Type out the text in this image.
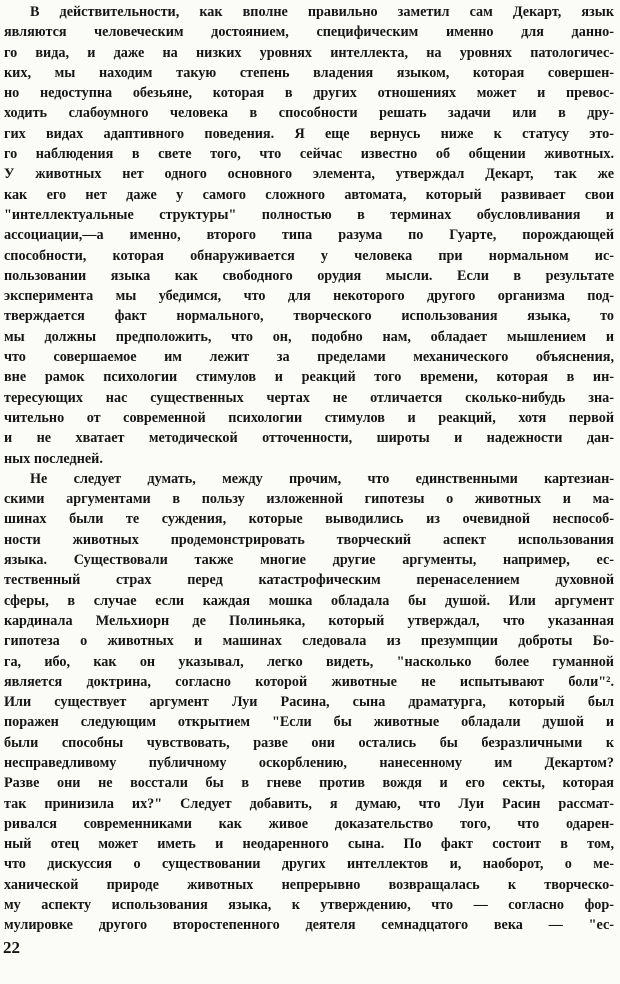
В действительности, как вполне правильно заметил сам Декарт, язык
являются человеческим достоянием, специфическим именно для данно-
го вида, и даже на низких уровнях интеллекта, на уровнях патологичес-
ких, мы находим такую степень владения языком, которая совершен-
но недоступна обезьяне, которая в других отношениях может и превос-
ходить слабоумного человека в способности решать задачи или в дру-
гих видах адаптивного поведения. Я еще вернусь ниже к статусу это-
го наблюдения в свете того, что сейчас известно об общении животных.
У животных нет одного основного элемента, утверждал Декарт, так же
как его нет даже у самого сложного автомата, который развивает свои
"интеллектуальные структуры" полностью в терминах обусловливания и
ассоциации,—а именно, второго типа разума по Гуарте, порождающей
способности, которая обнаруживается у человека при нормальном ис-
пользовании языка как свободного орудия мысли. Если в результате
эксперимента мы убедимся, что для некоторого другого организма под-
тверждается факт нормального, творческого использования языка, то
мы должны предположить, что он, подобно нам, обладает мышлением и
что совершаемое им лежит за пределами механического объяснения,
вне рамок психологии стимулов и реакций того времени, которая в ин-
тересующих нас существенных чертах не отличается сколько-нибудь зна-
чительно от современной психологии стимулов и реакций, хотя первой
и не хватает методической отточенности, широты и надежности дан-
ных последней.
Не следует думать, между прочим, что единственными картезиан-
скими аргументами в пользу изложенной гипотезы о животных и ма-
шинах были те суждения, которые выводились из очевидной неспособ-
ности животных продемонстрировать творческий аспект использования
языка. Существовали также многие другие аргументы, например, ес-
тественный страх перед катастрофическим перенаселением духовной
сферы, в случае если каждая мошка обладала бы душой. Или аргумент
кардинала Мельхиорн де Полиньяка, который утверждал, что указанная
гипотеза о животных и машинах следовала из презумпции доброты Бо-
га, ибо, как он указывал, легко видеть, "насколько более гуманной
является доктрина, согласно которой животные не испытывают боли"².
Или существует аргумент Луи Расина, сына драматурга, который был
поражен следующим открытием "Если бы животные обладали душой и
были способны чувствовать, разве они остались бы безразличными к
несправедливому публичному оскорблению, нанесенному им Декартом?
Разве они не восстали бы в гневе против вождя и его секты, которая
так принизила их?" Следует добавить, я думаю, что Луи Расин рассмат-
ривался современниками как живое доказательство того, что одарен-
ный отец может иметь и неодаренного сына. По факт состоит в том,
что дискуссия о существовании других интеллектов и, наоборот, о ме-
ханической природе животных непрерывно возвращалась к творческо-
му аспекту использования языка, к утверждению, что — согласно фор-
мулировке другого второстепенного деятеля семнадцатого века — "ес-
22
